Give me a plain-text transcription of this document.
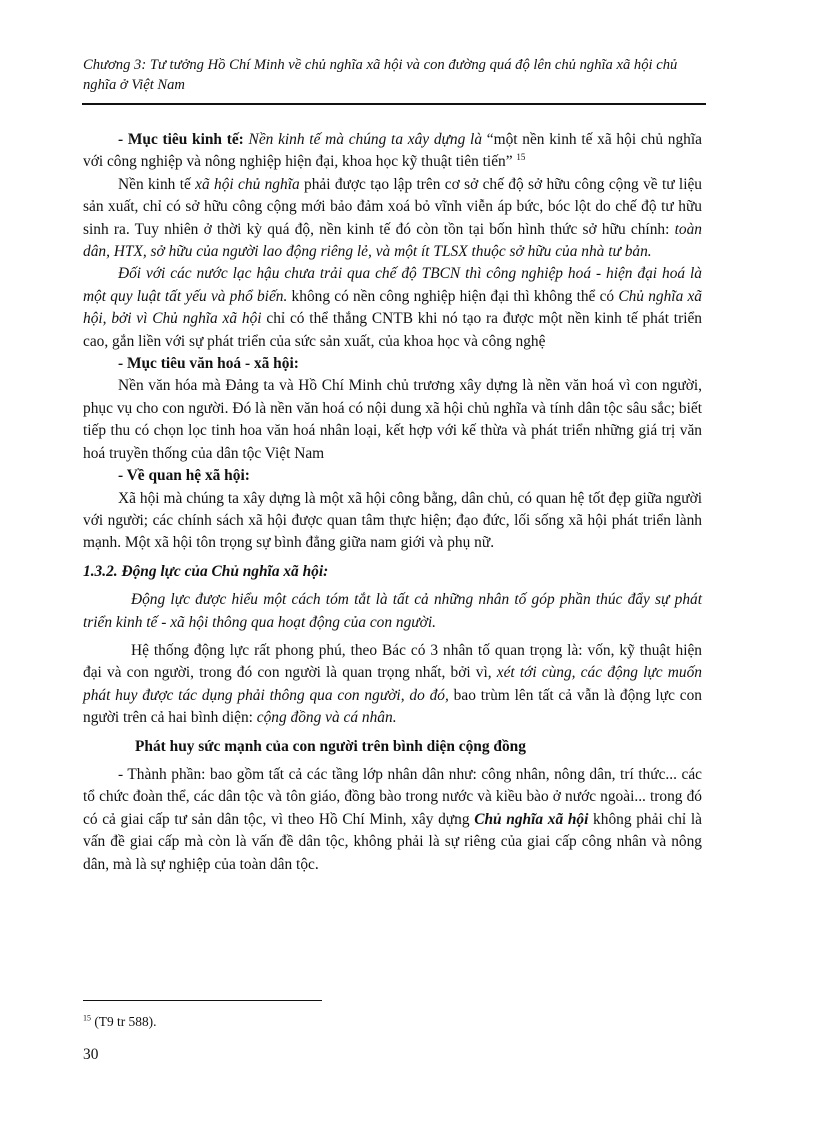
Chương 3: Tư tưởng Hồ Chí Minh về chủ nghĩa xã hội và con đường quá độ lên chủ nghĩa xã hội chủ nghĩa ở Việt Nam

- Mục tiêu kinh tế: Nền kinh tế mà chúng ta xây dựng là “một nền kinh tế xã hội chủ nghĩa với công nghiệp và nông nghiệp hiện đại, khoa học kỹ thuật tiên tiến” $^{15}$

Nền kinh tế xã hội chủ nghĩa phải được tạo lập trên cơ sở chế độ sở hữu công cộng về tư liệu sản xuất, chỉ có sở hữu công cộng mới bảo đảm xoá bỏ vĩnh viễn áp bức, bóc lột do chế độ tư hữu sinh ra. Tuy nhiên ở thời kỳ quá độ, nền kinh tế đó còn tồn tại bốn hình thức sở hữu chính: toàn dân, HTX, sở hữu của người lao động riêng lẻ, và một ít TLSX thuộc sở hữu của nhà tư bản.

Đối với các nước lạc hậu chưa trải qua chế độ TBCN thì công nghiệp hoá - hiện đại hoá là một quy luật tất yếu và phổ biến. không có nền công nghiệp hiện đại thì không thể có Chủ nghĩa xã hội, bởi vì Chủ nghĩa xã hội chỉ có thể thắng CNTB khi nó tạo ra được một nền kinh tế phát triển cao, gắn liền với sự phát triển của sức sản xuất, của khoa học và công nghệ

- Mục tiêu văn hoá - xã hội:

Nền văn hóa mà Đảng ta và Hồ Chí Minh chủ trương xây dựng là nền văn hoá vì con người, phục vụ cho con người. Đó là nền văn hoá có nội dung xã hội chủ nghĩa và tính dân tộc sâu sắc; biết tiếp thu có chọn lọc tinh hoa văn hoá nhân loại, kết hợp với kế thừa và phát triển những giá trị văn hoá truyền thống của dân tộc Việt Nam

- Về quan hệ xã hội:

Xã hội mà chúng ta xây dựng là một xã hội công bằng, dân chủ, có quan hệ tốt đẹp giữa người với người; các chính sách xã hội được quan tâm thực hiện; đạo đức, lối sống xã hội phát triển lành mạnh. Một xã hội tôn trọng sự bình đẳng giữa nam giới và phụ nữ.

1.3.2. Động lực của Chủ nghĩa xã hội:

Động lực được hiểu một cách tóm tắt là tất cả những nhân tố góp phần thúc đẩy sự phát triển kinh tế - xã hội thông qua hoạt động của con người.

Hệ thống động lực rất phong phú, theo Bác có 3 nhân tố quan trọng là: vốn, kỹ thuật hiện đại và con người, trong đó con người là quan trọng nhất, bởi vì, xét tới cùng, các động lực muốn phát huy được tác dụng phải thông qua con người, do đó, bao trùm lên tất cả vẫn là động lực con người trên cả hai bình diện: cộng đồng và cá nhân.

Phát huy sức mạnh của con người trên bình diện cộng đồng

- Thành phần: bao gồm tất cả các tầng lớp nhân dân như: công nhân, nông dân, trí thức... các tổ chức đoàn thể, các dân tộc và tôn giáo, đồng bào trong nước và kiều bào ở nước ngoài... trong đó có cả giai cấp tư sản dân tộc, vì theo Hồ Chí Minh, xây dựng Chủ nghĩa xã hội không phải chỉ là vấn đề giai cấp mà còn là vấn đề dân tộc, không phải là sự riêng của giai cấp công nhân và nông dân, mà là sự nghiệp của toàn dân tộc.

$^{15}$ (T9 tr 588).
30
